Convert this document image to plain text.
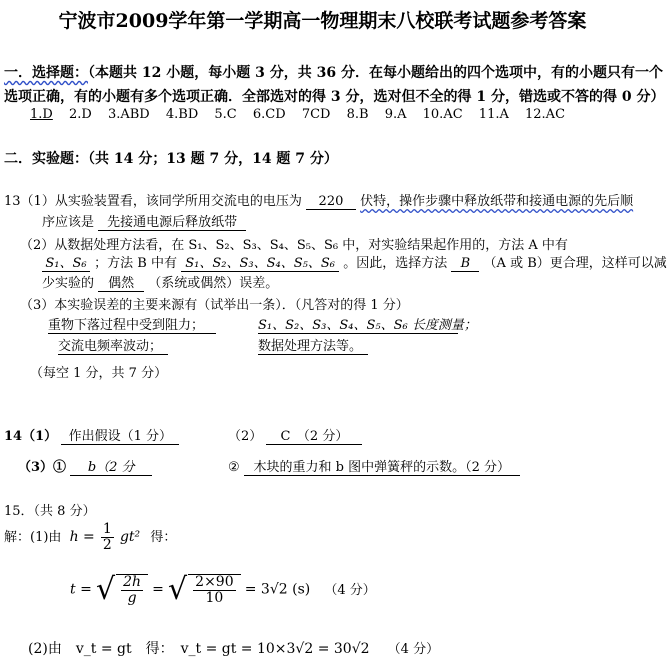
宁波市2009学年第一学期高一物理期末八校联考试题参考答案
一．选择题：（本题共 12 小题，每小题 3 分，共 36 分．在每小题给出的四个选项中，有的小题只有一个
选项正确，有的小题有多个选项正确．全部选对的得 3 分，选对但不全的得 1 分，错选或不答的得 0 分）
1.D 2.D 3.ABD 4.BD 5.C 6.CD 7CD 8.B 9.A 10.AC 11.A 12.AC
二．实验题：（共 14 分；13 题 7 分，14 题 7 分）
13（1）从实验装置看，该同学所用交流电的电压为 220 伏特，操作步骤中释放纸带和接通电源的先后顺
序应该是 先接通电源后释放纸带
（2）从数据处理方法看，在 S₁、S₂、S₃、S₄、S₅、S₆ 中，对实验结果起作用的，方法 A 中有
S₁、S₆ ；方法 B 中有 S₁、S₂、S₃、S₄、S₅、S₆ 。因此，选择方法 B （A 或 B）更合理，这样可以减
少实验的 偶然 （系统或偶然）误差。
（3）本实验误差的主要来源有（试举出一条）．（凡答对的得 1 分）
重物下落过程中受到阻力；	S₁、S₂、S₃、S₄、S₅、S₆ 长度测量；
交流电频率波动；	数据处理方法等。
（每空 1 分，共 7 分）
14（1） 作出假设（1 分）	（2） C　（2 分）
（3）① b（2 分	② 木块的重力和 b 图中弹簧秤的示数。（2 分）
15．（共 8 分）
解：(1)由 $h = \frac{1}{2} gt^2$ 得：
t = √ $\frac{2h}{g}$ = √ $\frac{2\times 90}{10} = 3√2$ (s) （4 分）
(2)由　v_t = gt　得：　v_t = gt = 10×3√2 = 30√2 （4 分）
